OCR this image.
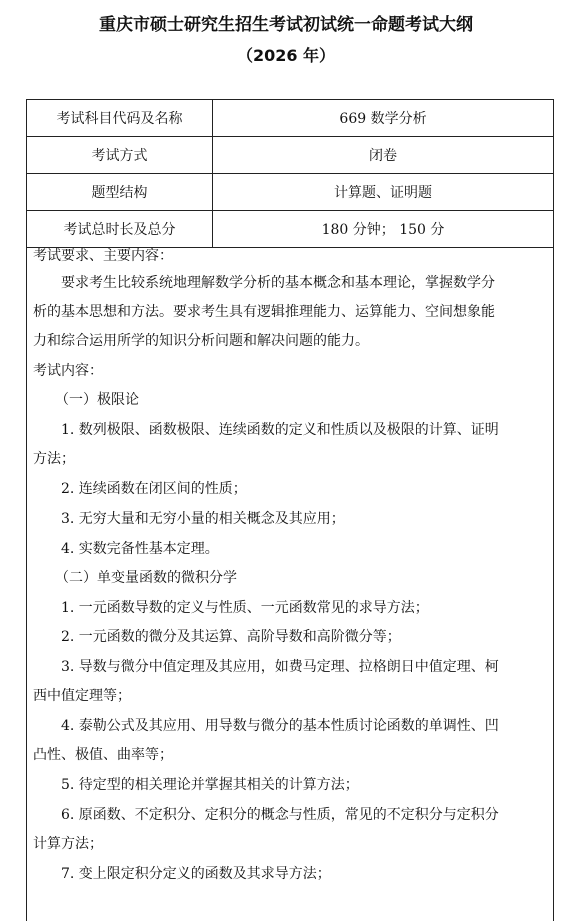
重庆市硕士研究生招生考试初试统一命题考试大纲
（2026 年）
考试科目代码及名称	669 数学分析
考试方式	闭卷
题型结构	计算题、证明题
考试总时长及总分	180 分钟； 150 分
考试要求、主要内容：
要求考生比较系统地理解数学分析的基本概念和基本理论，掌握数学分
析的基本思想和方法。要求考生具有逻辑推理能力、运算能力、空间想象能
力和综合运用所学的知识分析问题和解决问题的能力。
考试内容：
（一）极限论
1. 数列极限、函数极限、连续函数的定义和性质以及极限的计算、证明
方法；
2. 连续函数在闭区间的性质；
3. 无穷大量和无穷小量的相关概念及其应用；
4. 实数完备性基本定理。
（二）单变量函数的微积分学
1. 一元函数导数的定义与性质、一元函数常见的求导方法；
2. 一元函数的微分及其运算、高阶导数和高阶微分等；
3. 导数与微分中值定理及其应用，如费马定理、拉格朗日中值定理、柯
西中值定理等；
4. 泰勒公式及其应用、用导数与微分的基本性质讨论函数的单调性、凹
凸性、极值、曲率等；
5. 待定型的相关理论并掌握其相关的计算方法；
6. 原函数、不定积分、定积分的概念与性质，常见的不定积分与定积分
计算方法；
7. 变上限定积分定义的函数及其求导方法；
